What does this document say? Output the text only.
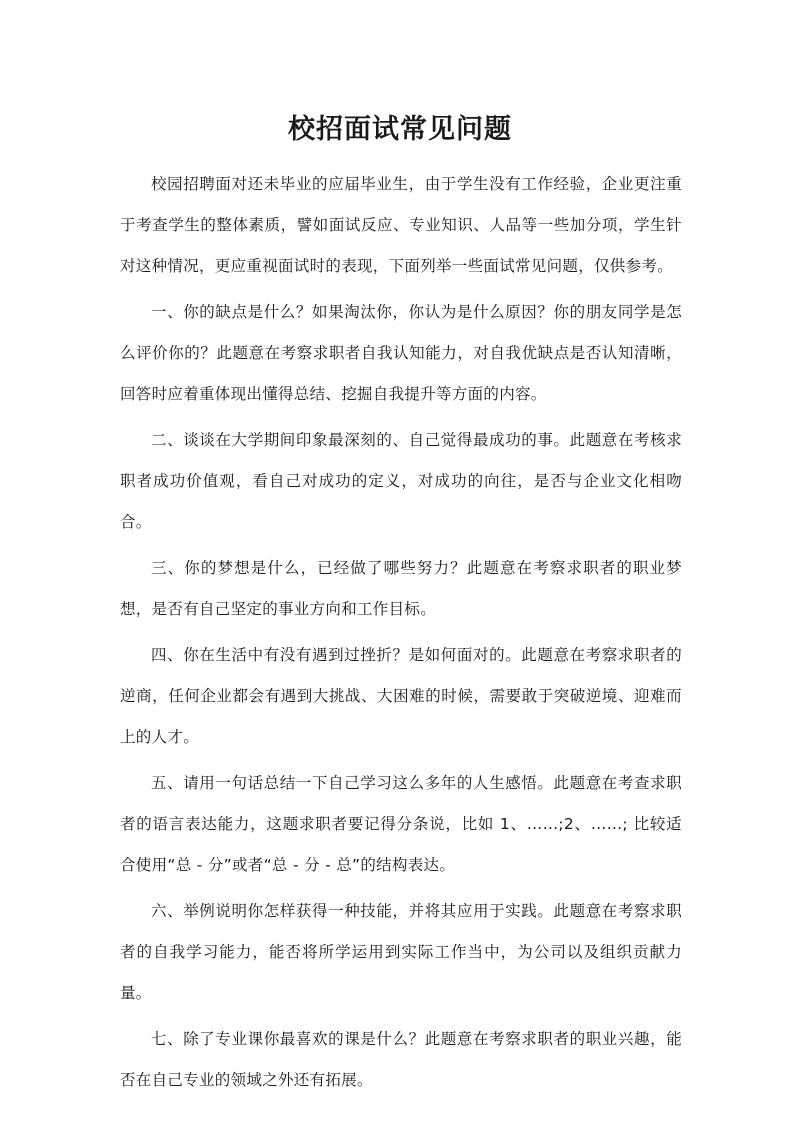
校招面试常见问题

校园招聘面对还未毕业的应届毕业生，由于学生没有工作经验，企业更注重于考查学生的整体素质，譬如面试反应、专业知识、人品等一些加分项，学生针对这种情况，更应重视面试时的表现，下面列举一些面试常见问题，仅供参考。

一、你的缺点是什么？如果淘汰你，你认为是什么原因？你的朋友同学是怎么评价你的？此题意在考察求职者自我认知能力，对自我优缺点是否认知清晰，回答时应着重体现出懂得总结、挖掘自我提升等方面的内容。

二、谈谈在大学期间印象最深刻的、自己觉得最成功的事。此题意在考核求职者成功价值观，看自己对成功的定义，对成功的向往，是否与企业文化相吻合。

三、你的梦想是什么，已经做了哪些努力？此题意在考察求职者的职业梦想，是否有自己坚定的事业方向和工作目标。

四、你在生活中有没有遇到过挫折？是如何面对的。此题意在考察求职者的逆商，任何企业都会有遇到大挑战、大困难的时候，需要敢于突破逆境、迎难而上的人才。

五、请用一句话总结一下自己学习这么多年的人生感悟。此题意在考查求职者的语言表达能力，这题求职者要记得分条说，比如 1、……;2、……; 比较适合使用“总 - 分”或者“总 - 分 - 总”的结构表达。

六、举例说明你怎样获得一种技能，并将其应用于实践。此题意在考察求职者的自我学习能力，能否将所学运用到实际工作当中，为公司以及组织贡献力量。

七、除了专业课你最喜欢的课是什么？此题意在考察求职者的职业兴趣，能否在自己专业的领域之外还有拓展。
